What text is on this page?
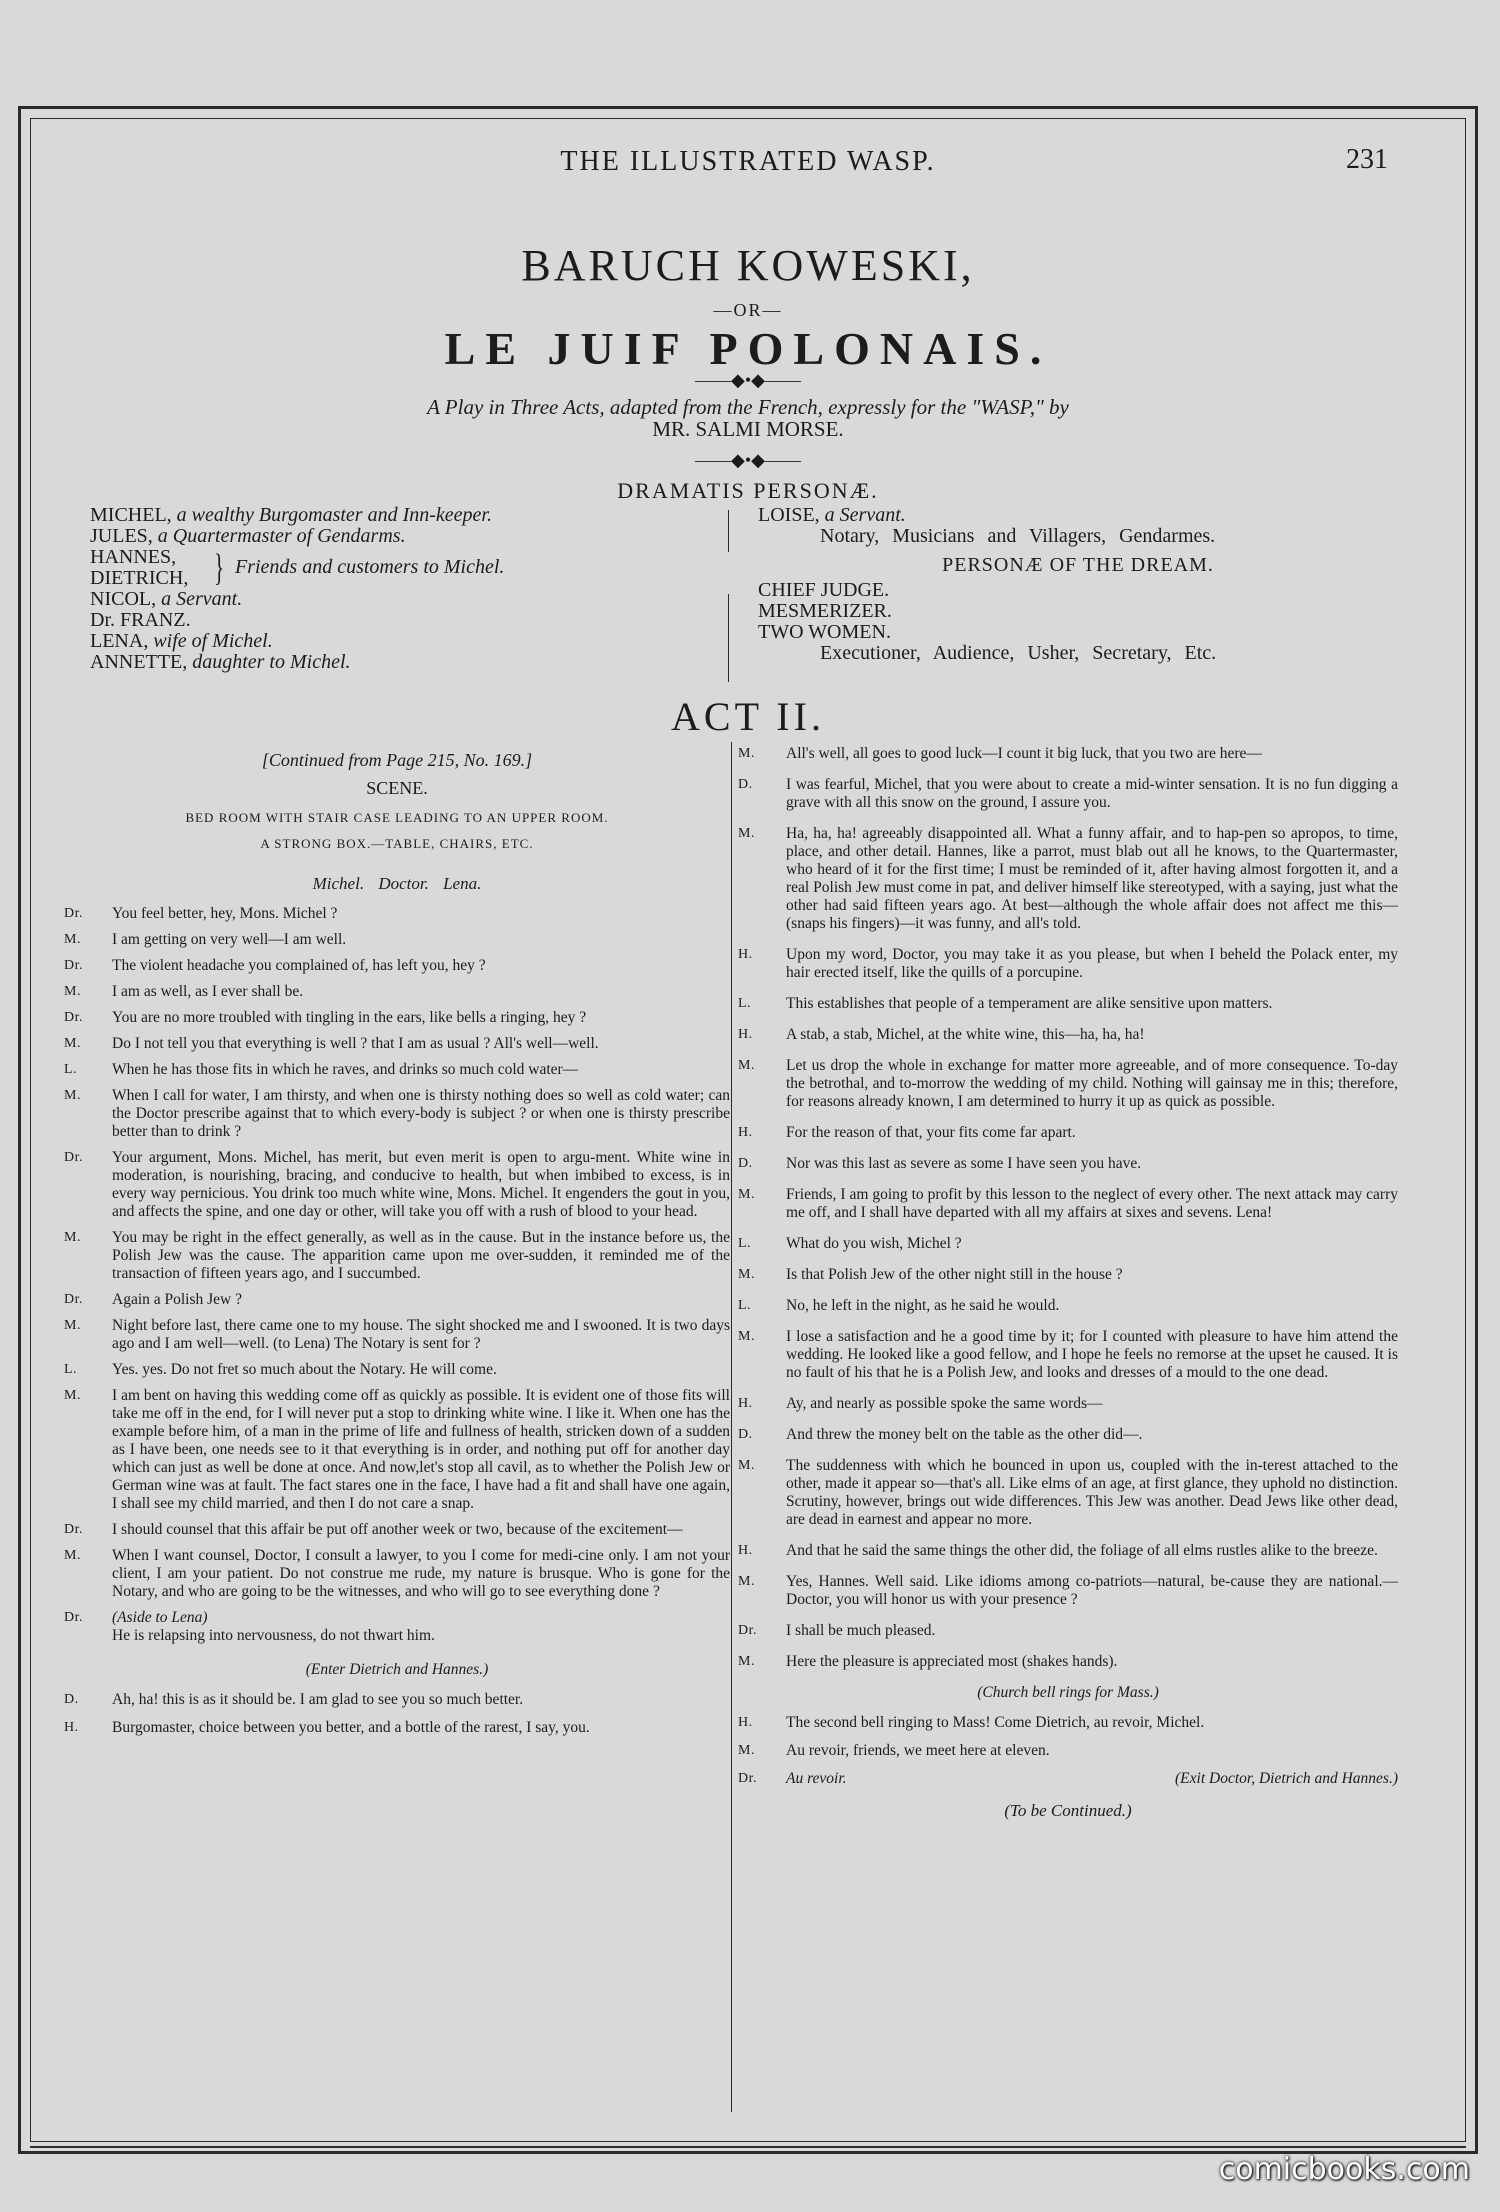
THE ILLUSTRATED WASP.	231
BARUCH KOWESKI,
—OR—
LE JUIF POLONAIS.
——◆•◆——
A Play in Three Acts, adapted from the French, expressly for the "WASP," by
MR. SALMI MORSE.
——◆•◆——
DRAMATIS PERSONÆ.
MICHEL, a wealthy Burgomaster and Inn-keeper.
JULES, a Quartermaster of Gendarms.
HANNES,
DIETRICH, } Friends and customers to Michel.
NICOL, a Servant.
Dr. FRANZ.
LENA, wife of Michel.
ANNETTE, daughter to Michel.
LOISE, a Servant.
Notary, Musicians and Villagers, Gendarmes.
PERSONÆ OF THE DREAM.
CHIEF JUDGE.
MESMERIZER.
TWO WOMEN.
Executioner, Audience, Usher, Secretary, Etc.
ACT II.
[Continued from Page 215, No. 169.]
SCENE.
BED ROOM WITH STAIR CASE LEADING TO AN UPPER ROOM.
A STRONG BOX.—TABLE, CHAIRS, ETC.
Michel. Doctor. Lena.
Dr.	You feel better, hey, Mons. Michel ?
M.	I am getting on very well—I am well.
Dr.	The violent headache you complained of, has left you, hey ?
M.	I am as well, as I ever shall be.
Dr.	You are no more troubled with tingling in the ears, like bells a ringing, hey ?
M.	Do I not tell you that everything is well ? that I am as usual ? All's well—well.
L.	When he has those fits in which he raves, and drinks so much cold water—
M.	When I call for water, I am thirsty, and when one is thirsty nothing does so well as cold water; can the Doctor prescribe against that to which every-body is subject ? or when one is thirsty prescribe better than to drink ?
Dr.	Your argument, Mons. Michel, has merit, but even merit is open to argu-ment. White wine in moderation, is nourishing, bracing, and conducive to health, but when imbibed to excess, is in every way pernicious. You drink too much white wine, Mons. Michel. It engenders the gout in you, and affects the spine, and one day or other, will take you off with a rush of blood to your head.
M.	You may be right in the effect generally, as well as in the cause. But in the instance before us, the Polish Jew was the cause. The apparition came upon me over-sudden, it reminded me of the transaction of fifteen years ago, and I succumbed.
Dr.	Again a Polish Jew ?
M.	Night before last, there came one to my house. The sight shocked me and I swooned. It is two days ago and I am well—well. (to Lena) The Notary is sent for ?
L.	Yes. yes. Do not fret so much about the Notary. He will come.
M.	I am bent on having this wedding come off as quickly as possible. It is evident one of those fits will take me off in the end, for I will never put a stop to drinking white wine. I like it. When one has the example before him, of a man in the prime of life and fullness of health, stricken down of a sudden as I have been, one needs see to it that everything is in order, and nothing put off for another day which can just as well be done at once. And now,let's stop all cavil, as to whether the Polish Jew or German wine was at fault. The fact stares one in the face, I have had a fit and shall have one again, I shall see my child married, and then I do not care a snap.
Dr.	I should counsel that this affair be put off another week or two, because of the excitement—
M.	When I want counsel, Doctor, I consult a lawyer, to you I come for medi-cine only. I am not your client, I am your patient. Do not construe me rude, my nature is brusque. Who is gone for the Notary, and who are going to be the witnesses, and who will go to see everything done ?
Dr.	(Aside to Lena)
He is relapsing into nervousness, do not thwart him.
(Enter Dietrich and Hannes.)
D.	Ah, ha! this is as it should be. I am glad to see you so much better.
H.	Burgomaster, choice between you better, and a bottle of the rarest, I say, you.
M.	All's well, all goes to good luck—I count it big luck, that you two are here—
D.	I was fearful, Michel, that you were about to create a mid-winter sensation. It is no fun digging a grave with all this snow on the ground, I assure you.
M.	Ha, ha, ha! agreeably disappointed all. What a funny affair, and to hap-pen so apropos, to time, place, and other detail. Hannes, like a parrot, must blab out all he knows, to the Quartermaster, who heard of it for the first time; I must be reminded of it, after having almost forgotten it, and a real Polish Jew must come in pat, and deliver himself like stereotyped, with a saying, just what the other had said fifteen years ago. At best—although the whole affair does not affect me this—(snaps his fingers)—it was funny, and all's told.
H.	Upon my word, Doctor, you may take it as you please, but when I beheld the Polack enter, my hair erected itself, like the quills of a porcupine.
L.	This establishes that people of a temperament are alike sensitive upon matters.
H.	A stab, a stab, Michel, at the white wine, this—ha, ha, ha!
M.	Let us drop the whole in exchange for matter more agreeable, and of more consequence. To-day the betrothal, and to-morrow the wedding of my child. Nothing will gainsay me in this; therefore, for reasons already known, I am determined to hurry it up as quick as possible.
H.	For the reason of that, your fits come far apart.
D.	Nor was this last as severe as some I have seen you have.
M.	Friends, I am going to profit by this lesson to the neglect of every other. The next attack may carry me off, and I shall have departed with all my affairs at sixes and sevens. Lena!
L.	What do you wish, Michel ?
M.	Is that Polish Jew of the other night still in the house ?
L.	No, he left in the night, as he said he would.
M.	I lose a satisfaction and he a good time by it; for I counted with pleasure to have him attend the wedding. He looked like a good fellow, and I hope he feels no remorse at the upset he caused. It is no fault of his that he is a Polish Jew, and looks and dresses of a mould to the one dead.
H.	Ay, and nearly as possible spoke the same words—
D.	And threw the money belt on the table as the other did—.
M.	The suddenness with which he bounced in upon us, coupled with the in-terest attached to the other, made it appear so—that's all. Like elms of an age, at first glance, they uphold no distinction. Scrutiny, however, brings out wide differences. This Jew was another. Dead Jews like other dead, are dead in earnest and appear no more.
H.	And that he said the same things the other did, the foliage of all elms rustles alike to the breeze.
M.	Yes, Hannes. Well said. Like idioms among co-patriots—natural, be-cause they are national.—Doctor, you will honor us with your presence ?
Dr.	I shall be much pleased.
M.	Here the pleasure is appreciated most (shakes hands).
(Church bell rings for Mass.)
H.	The second bell ringing to Mass! Come Dietrich, au revoir, Michel.
M.	Au revoir, friends, we meet here at eleven.
Dr.	Au revoir.	(Exit Doctor, Dietrich and Hannes.)
(To be Continued.)
comicbooks.com
